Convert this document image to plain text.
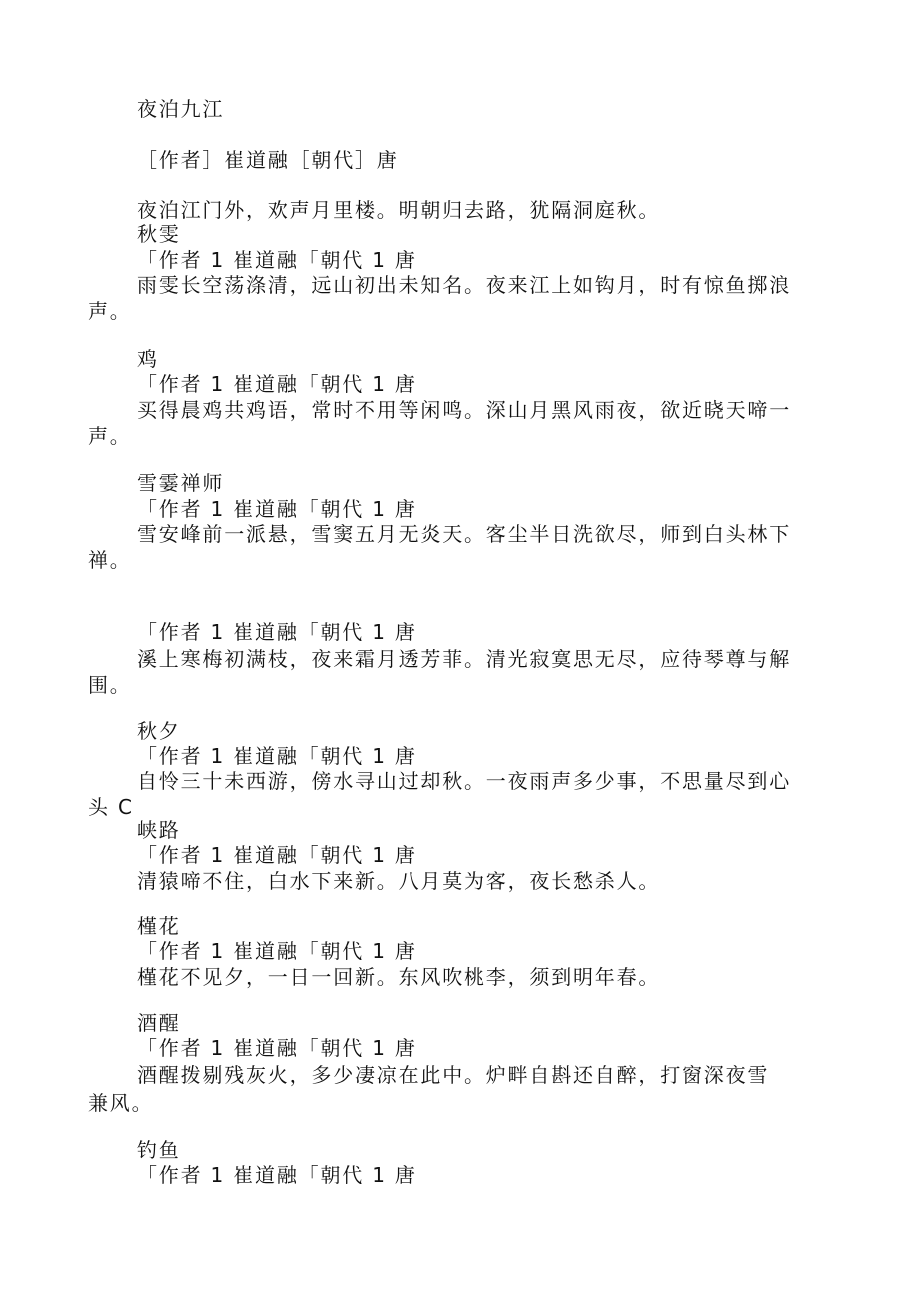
夜泊九江
［作者］崔道融［朝代］唐
夜泊江门外，欢声月里楼。明朝归去路，犹隔洞庭秋。
秋雯
「作者 1 崔道融「朝代 1 唐
雨雯长空荡涤清，远山初出未知名。夜来江上如钩月，时有惊鱼掷浪
声。
鸡
「作者 1 崔道融「朝代 1 唐
买得晨鸡共鸡语，常时不用等闲鸣。深山月黑风雨夜，欲近晓天啼一
声。
雪霎禅师
「作者 1 崔道融「朝代 1 唐
雪安峰前一派悬，雪窦五月无炎天。客尘半日洗欲尽，师到白头林下
禅。
「作者 1 崔道融「朝代 1 唐
溪上寒梅初满枝，夜来霜月透芳菲。清光寂寞思无尽，应待琴尊与解
围。
秋夕
「作者 1 崔道融「朝代 1 唐
自怜三十未西游，傍水寻山过却秋。一夜雨声多少事，不思量尽到心
头 C
峡路
「作者 1 崔道融「朝代 1 唐
清猿啼不住，白水下来新。八月莫为客，夜长愁杀人。
槿花
「作者 1 崔道融「朝代 1 唐
槿花不见夕，一日一回新。东风吹桃李，须到明年春。
酒醒
「作者 1 崔道融「朝代 1 唐
酒醒拨剔残灰火，多少凄凉在此中。炉畔自斟还自醉，打窗深夜雪
兼风。
钓鱼
「作者 1 崔道融「朝代 1 唐
